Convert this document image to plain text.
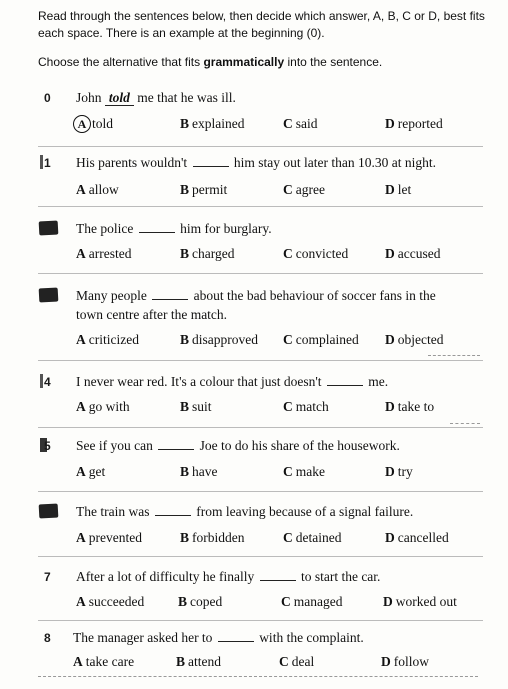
Read through the sentences below, then decide which answer, A, B, C or D, best fits each space. There is an example at the beginning (0).
Choose the alternative that fits grammatically into the sentence.
0	John told me that he was ill.
A told	B explained	C said	D reported
1	His parents wouldn't	him stay out later than 10.30 at night.
A allow	B permit	C agree	D let
The police	him for burglary.
A arrested	B charged	C convicted	D accused
Many people	about the bad behaviour of soccer fans in the
town centre after the match.
A criticized	B disapproved C complained D objected
4	I never wear red. It's a colour that just doesn't	me.
A go with	B suit	C match	D take to
5	See if you can	Joe to do his share of the housework.
A get	B have	C make	D try
The train was	from leaving because of a signal failure.
A prevented	B forbidden	C detained	D cancelled
7	After a lot of difficulty he finally	to start the car.
A succeeded	B coped	C managed	D worked out
8	The manager asked her to	with the complaint.
A take care	B attend	C deal	D follow
